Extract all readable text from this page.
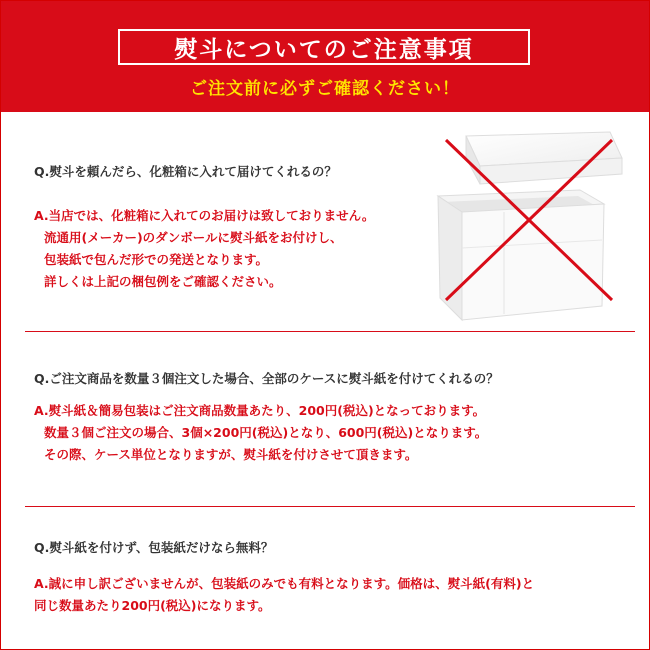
熨斗についてのご注意事項
ご注文前に必ずご確認ください！
Q.熨斗を頼んだら、化粧箱に入れて届けてくれるの？
A.当店では、化粧箱に入れてのお届けは致しておりません。
流通用(メーカー)のダンボールに熨斗紙をお付けし、
包装紙で包んだ形での発送となります。
詳しくは上記の梱包例をご確認ください。
Q.ご注文商品を数量３個注文した場合、全部のケースに熨斗紙を付けてくれるの？
A.熨斗紙＆簡易包装はご注文商品数量あたり、200円(税込)となっております。
数量３個ご注文の場合、3個×200円(税込)となり、600円(税込)となります。
その際、ケース単位となりますが、熨斗紙を付けさせて頂きます。
Q.熨斗紙を付けず、包装紙だけなら無料？
A.誠に申し訳ございませんが、包装紙のみでも有料となります。価格は、熨斗紙(有料)と
同じ数量あたり200円(税込)になります。
